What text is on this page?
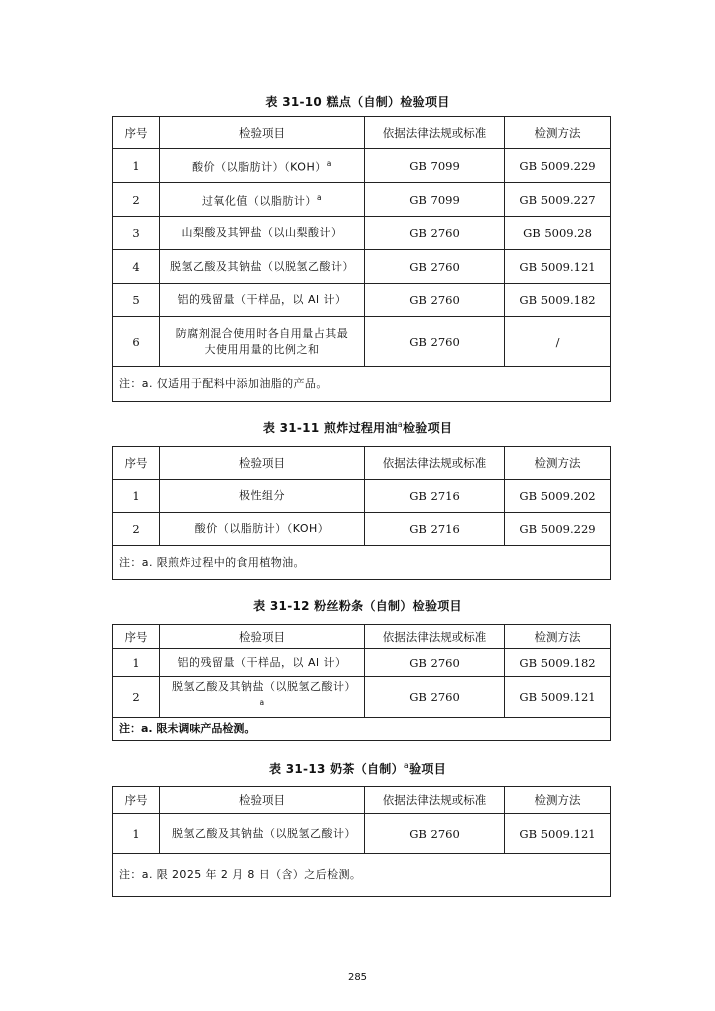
表 31-10 糕点（自制）检验项目
序号	检验项目	依据法律法规或标准	检测方法
1	酸价（以脂肪计）（KOH）$^a$	GB 7099	GB 5009.229
2	过氧化值（以脂肪计）$^a$	GB 7099	GB 5009.227
3	山梨酸及其钾盐（以山梨酸计）	GB 2760	GB 5009.28
4	脱氢乙酸及其钠盐（以脱氢乙酸计）	GB 2760	GB 5009.121
5	铝的残留量（干样品，以 Al 计）	GB 2760	GB 5009.182
6	防腐剂混合使用时各自用量占其最大使用用量的比例之和	GB 2760	/
注：a. 仅适用于配料中添加油脂的产品。			
表 31-11 煎炸过程用油$^a$检验项目
序号	检验项目	依据法律法规或标准	检测方法
1	极性组分	GB 2716	GB 5009.202
2	酸价（以脂肪计）（KOH）	GB 2716	GB 5009.229
注：a. 限煎炸过程中的食用植物油。			
表 31-12 粉丝粉条（自制）检验项目
序号	检验项目	依据法律法规或标准	检测方法
1	铝的残留量（干样品，以 Al 计）	GB 2760	GB 5009.182
2	脱氢乙酸及其钠盐（以脱氢乙酸计）$^a$	GB 2760	GB 5009.121
注：a. 限未调味产品检测。			
表 31-13 奶茶（自制）$^a$验项目
序号	检验项目	依据法律法规或标准	检测方法
1	脱氢乙酸及其钠盐（以脱氢乙酸计）	GB 2760	GB 5009.121
注：a. 限 2025 年 2 月 8 日（含）之后检测。			
285
